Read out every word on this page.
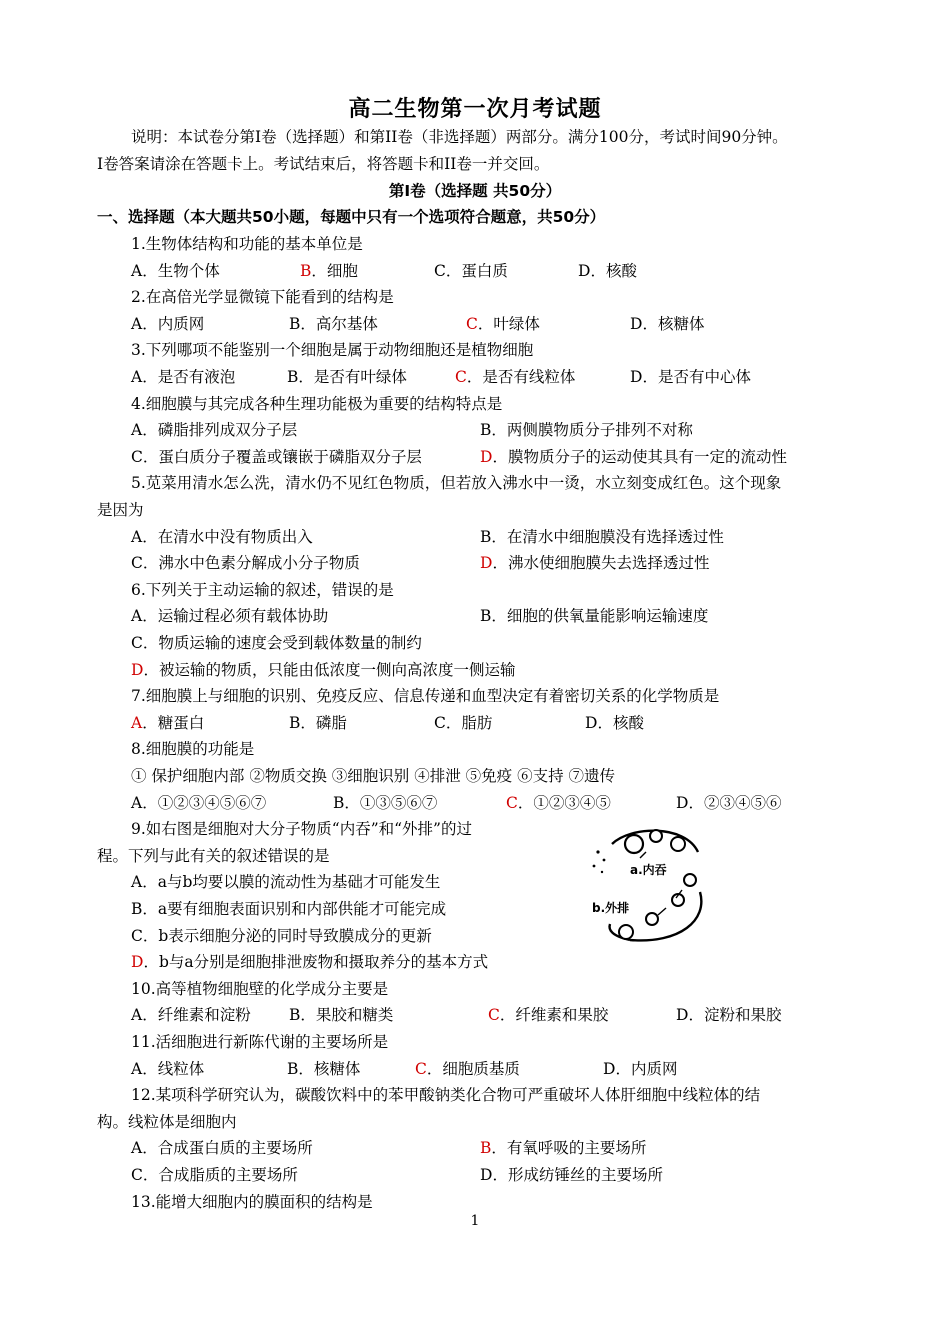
高二生物第一次月考试题
说明：本试卷分第Ⅰ卷（选择题）和第II卷（非选择题）两部分。满分100分，考试时间90分钟。
Ⅰ卷答案请涂在答题卡上。考试结束后，将答题卡和II卷一并交回。
第Ⅰ卷（选择题 共50分）
一、选择题（本大题共50小题，每题中只有一个选项符合题意，共50分）
1.生物体结构和功能的基本单位是
A．生物个体	B．细胞	C．蛋白质	D．核酸
2.在高倍光学显微镜下能看到的结构是
A．内质网	B．高尔基体	C．叶绿体	D．核糖体
3.下列哪项不能鉴别一个细胞是属于动物细胞还是植物细胞
A．是否有液泡	B．是否有叶绿体	C．是否有线粒体	D．是否有中心体
4.细胞膜与其完成各种生理功能极为重要的结构特点是
A．磷脂排列成双分子层	B．两侧膜物质分子排列不对称
C．蛋白质分子覆盖或镶嵌于磷脂双分子层	D．膜物质分子的运动使其具有一定的流动性
5.苋菜用清水怎么洗，清水仍不见红色物质，但若放入沸水中一烫，水立刻变成红色。这个现象
是因为
A．在清水中没有物质出入	B．在清水中细胞膜没有选择透过性
C．沸水中色素分解成小分子物质	D．沸水使细胞膜失去选择透过性
6.下列关于主动运输的叙述，错误的是
A．运输过程必须有载体协助	B．细胞的供氧量能影响运输速度
C．物质运输的速度会受到载体数量的制约
D．被运输的物质，只能由低浓度一侧向高浓度一侧运输
7.细胞膜上与细胞的识别、免疫反应、信息传递和血型决定有着密切关系的化学物质是
A．糖蛋白	B．磷脂	C．脂肪	D．核酸
8.细胞膜的功能是
① 保护细胞内部 ②物质交换 ③细胞识别 ④排泄 ⑤免疫 ⑥支持 ⑦遗传
A．①②③④⑤⑥⑦	B．①③⑤⑥⑦	C．①②③④⑤	D．②③④⑤⑥
9.如右图是细胞对大分子物质“内吞”和“外排”的过
程。下列与此有关的叙述错误的是
A．a与b均要以膜的流动性为基础才可能发生
B．a要有细胞表面识别和内部供能才可能完成
C．b表示细胞分泌的同时导致膜成分的更新
D．b与a分别是细胞排泄废物和摄取养分的基本方式
10.高等植物细胞壁的化学成分主要是
A．纤维素和淀粉 B．果胶和糖类	C．纤维素和果胶	D．淀粉和果胶
11.活细胞进行新陈代谢的主要场所是
A．线粒体	B．核糖体	C．细胞质基质	D．内质网
12.某项科学研究认为，碳酸饮料中的苯甲酸钠类化合物可严重破坏人体肝细胞中线粒体的结
构。线粒体是细胞内
A．合成蛋白质的主要场所	B．有氧呼吸的主要场所
C．合成脂质的主要场所	D．形成纺锤丝的主要场所
13.能增大细胞内的膜面积的结构是
a.内吞
b.外排
1
